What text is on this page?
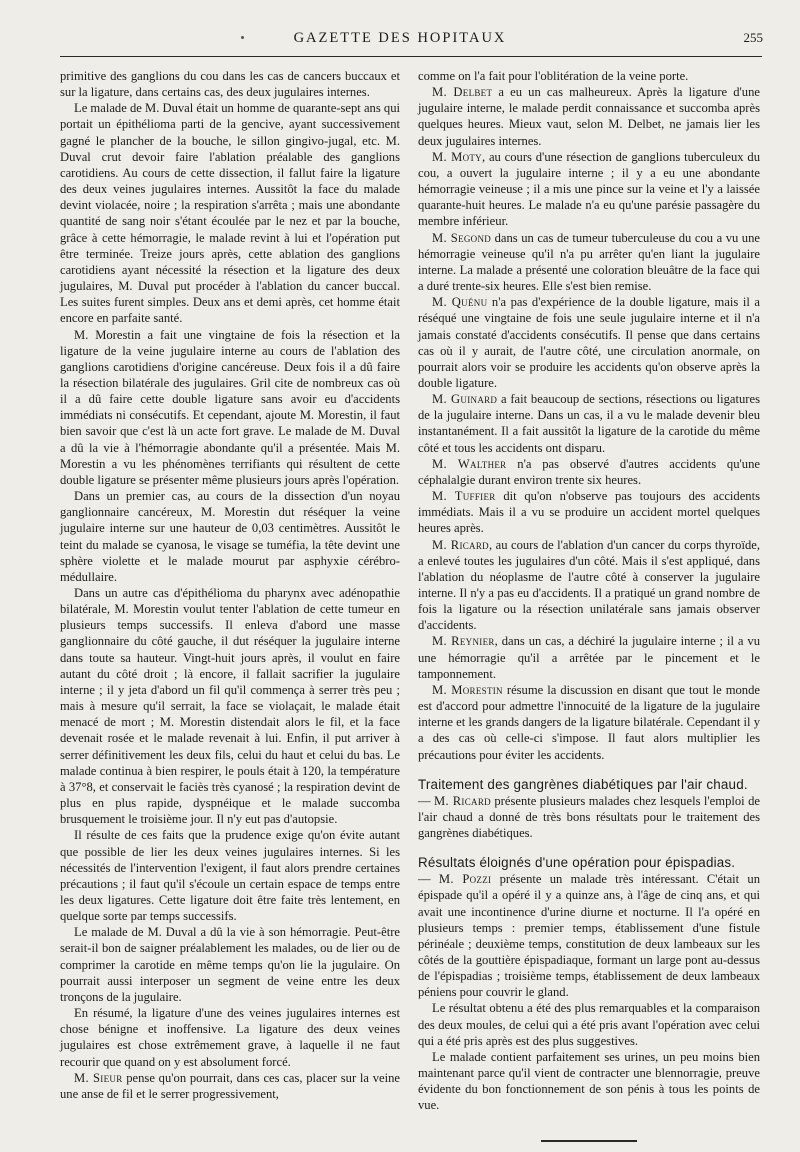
GAZETTE DES HOPITAUX	255

primitive des ganglions du cou dans les cas de cancers buccaux et sur la ligature, dans certains cas, des deux jugulaires internes.

Le malade de M. Duval était un homme de quarante-sept ans qui portait un épithélioma parti de la gencive, ayant successivement gagné le plancher de la bouche, le sillon gingivo-jugal, etc. M. Duval crut devoir faire l'ablation préalable des ganglions carotidiens. Au cours de cette dissection, il fallut faire la ligature des deux veines jugulaires internes. Aussitôt la face du malade devint violacée, noire ; la respiration s'arrêta ; mais une abondante quantité de sang noir s'étant écoulée par le nez et par la bouche, grâce à cette hémorragie, le malade revint à lui et l'opération put être terminée. Treize jours après, cette ablation des ganglions carotidiens ayant nécessité la résection et la ligature des deux jugulaires, M. Duval put procéder à l'ablation du cancer buccal. Les suites furent simples. Deux ans et demi après, cet homme était encore en parfaite santé.

M. Morestin a fait une vingtaine de fois la résection et la ligature de la veine jugulaire interne au cours de l'ablation des ganglions carotidiens d'origine cancéreuse. Deux fois il a dû faire la résection bilatérale des jugulaires. Gril cite de nombreux cas où il a dû faire cette double ligature sans avoir eu d'accidents immédiats ni consécutifs. Et cependant, ajoute M. Morestin, il faut bien savoir que c'est là un acte fort grave. Le malade de M. Duval a dû la vie à l'hémorragie abondante qu'il a présentée. Mais M. Morestin a vu les phénomènes terrifiants qui résultent de cette double ligature se présenter même plusieurs jours après l'opération.

Dans un premier cas, au cours de la dissection d'un noyau ganglionnaire cancéreux, M. Morestin dut réséquer la veine jugulaire interne sur une hauteur de 0,03 centimètres. Aussitôt le teint du malade se cyanosa, le visage se tuméfia, la tête devint une sphère violette et le malade mourut par asphyxie cérébro-médullaire.

Dans un autre cas d'épithélioma du pharynx avec adénopathie bilatérale, M. Morestin voulut tenter l'ablation de cette tumeur en plusieurs temps successifs. Il enleva d'abord une masse ganglionnaire du côté gauche, il dut réséquer la jugulaire interne dans toute sa hauteur. Vingt-huit jours après, il voulut en faire autant du côté droit ; là encore, il fallait sacrifier la jugulaire interne ; il y jeta d'abord un fil qu'il commença à serrer très peu ; mais à mesure qu'il serrait, la face se violaçait, le malade était menacé de mort ; M. Morestin distendait alors le fil, et la face devenait rosée et le malade revenait à lui. Enfin, il put arriver à serrer définitivement les deux fils, celui du haut et celui du bas. Le malade continua à bien respirer, le pouls était à 120, la température à 37°8, et conservait le faciès très cyanosé ; la respiration devint de plus en plus rapide, dyspnéique et le malade succomba brusquement le troisième jour. Il n'y eut pas d'autopsie.

Il résulte de ces faits que la prudence exige qu'on évite autant que possible de lier les deux veines jugulaires internes. Si les nécessités de l'intervention l'exigent, il faut alors prendre certaines précautions ; il faut qu'il s'écoule un certain espace de temps entre les deux ligatures. Cette ligature doit être faite très lentement, en quelque sorte par temps successifs.

Le malade de M. Duval a dû la vie à son hémorragie. Peut-être serait-il bon de saigner préalablement les malades, ou de lier ou de comprimer la carotide en même temps qu'on lie la jugulaire. On pourrait aussi interposer un segment de veine entre les deux tronçons de la jugulaire.

En résumé, la ligature d'une des veines jugulaires internes est chose bénigne et inoffensive. La ligature des deux veines jugulaires est chose extrêmement grave, à laquelle il ne faut recourir que quand on y est absolument forcé.

M. Sieur pense qu'on pourrait, dans ces cas, placer sur la veine une anse de fil et le serrer progressivement,

comme on l'a fait pour l'oblitération de la veine porte.

M. Delbet a eu un cas malheureux. Après la ligature d'une jugulaire interne, le malade perdit connaissance et succomba après quelques heures. Mieux vaut, selon M. Delbet, ne jamais lier les deux jugulaires internes.

M. Moty, au cours d'une résection de ganglions tuberculeux du cou, a ouvert la jugulaire interne ; il y a eu une abondante hémorragie veineuse ; il a mis une pince sur la veine et l'y a laissée quarante-huit heures. Le malade n'a eu qu'une parésie passagère du membre inférieur.

M. Segond dans un cas de tumeur tuberculeuse du cou a vu une hémorragie veineuse qu'il n'a pu arrêter qu'en liant la jugulaire interne. La malade a présenté une coloration bleuâtre de la face qui a duré trente-six heures. Elle s'est bien remise.

M. Quénu n'a pas d'expérience de la double ligature, mais il a réséqué une vingtaine de fois une seule jugulaire interne et il n'a jamais constaté d'accidents consécutifs. Il pense que dans certains cas où il y aurait, de l'autre côté, une circulation anormale, on pourrait alors voir se produire les accidents qu'on observe après la double ligature.

M. Guinard a fait beaucoup de sections, résections ou ligatures de la jugulaire interne. Dans un cas, il a vu le malade devenir bleu instantanément. Il a fait aussitôt la ligature de la carotide du même côté et tous les accidents ont disparu.

M. Walther n'a pas observé d'autres accidents qu'une céphalalgie durant environ trente six heures.

M. Tuffier dit qu'on n'observe pas toujours des accidents immédiats. Mais il a vu se produire un accident mortel quelques heures après.

M. Ricard, au cours de l'ablation d'un cancer du corps thyroïde, a enlevé toutes les jugulaires d'un côté. Mais il s'est appliqué, dans l'ablation du néoplasme de l'autre côté à conserver la jugulaire interne. Il n'y a pas eu d'accidents. Il a pratiqué un grand nombre de fois la ligature ou la résection unilatérale sans jamais observer d'accidents.

M. Reynier, dans un cas, a déchiré la jugulaire interne ; il a vu une hémorragie qu'il a arrêtée par le pincement et le tamponnement.

M. Morestin résume la discussion en disant que tout le monde est d'accord pour admettre l'innocuité de la ligature de la jugulaire interne et les grands dangers de la ligature bilatérale. Cependant il y a des cas où celle-ci s'impose. Il faut alors multiplier les précautions pour éviter les accidents.

Traitement des gangrènes diabétiques par l'air chaud.

— M. Ricard présente plusieurs malades chez lesquels l'emploi de l'air chaud a donné de très bons résultats pour le traitement des gangrènes diabétiques.

Résultats éloignés d'une opération pour épispadias.

— M. Pozzi présente un malade très intéressant. C'était un épispade qu'il a opéré il y a quinze ans, à l'âge de cinq ans, et qui avait une incontinence d'urine diurne et nocturne. Il l'a opéré en plusieurs temps : premier temps, établissement d'une fistule périnéale ; deuxième temps, constitution de deux lambeaux sur les côtés de la gouttière épispadiaque, formant un large pont au-dessus de l'épispadias ; troisième temps, établissement de deux lambeaux péniens pour couvrir le gland.

Le résultat obtenu a été des plus remarquables et la comparaison des deux moules, de celui qui a été pris avant l'opération avec celui qui a été pris après est des plus suggestives.

Le malade contient parfaitement ses urines, un peu moins bien maintenant parce qu'il vient de contracter une blennorragie, preuve évidente du bon fonctionnement de son pénis à tous les points de vue.
